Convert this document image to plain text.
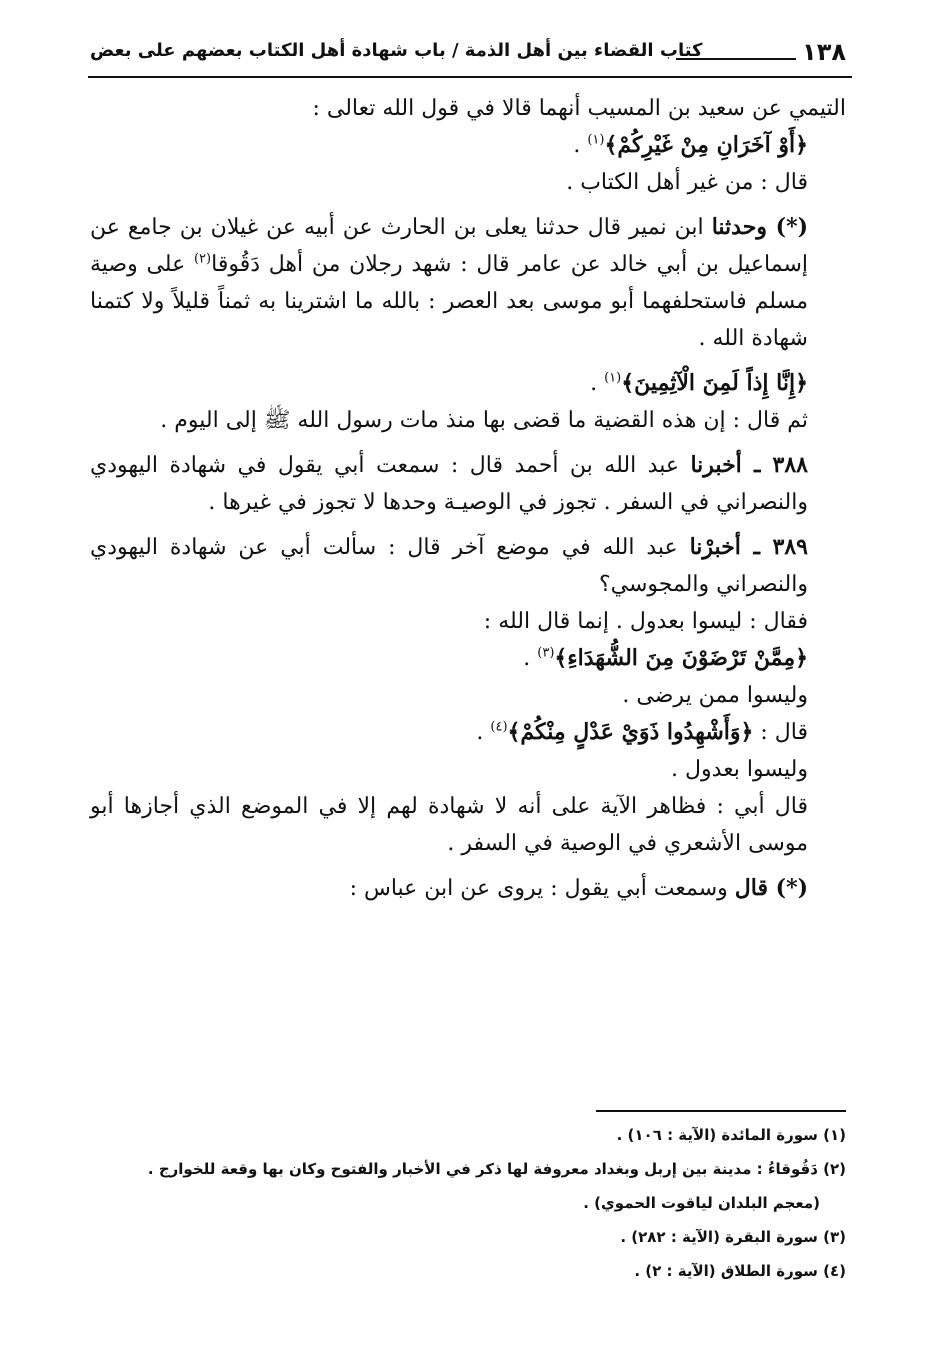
١٣٨
كتاب القضاء بين أهل الذمة / باب شهادة أهل الكتاب بعضهم على بعض

التيمي عن سعيد بن المسيب أنهما قالا في قول الله تعالى :

﴿أَوْ آخَرَانِ مِنْ غَيْرِكُمْ﴾$^{(١)}$ .

قال : من غير أهل الكتاب .

(*) وحدثنا ابن نمير قال حدثنا يعلى بن الحارث عن أبيه عن غيلان بن جامع عن إسماعيل بن أبي خالد عن عامر قال : شهد رجلان من أهل دَقُوقا$^{(٢)}$ على وصية مسلم فاستحلفهما أبو موسى بعد العصر : بالله ما اشترينا به ثمناً قليلاً ولا كتمنا شهادة الله .

﴿إِنَّا إِذاً لَمِنَ الْآثِمِينَ﴾$^{(١)}$ .

ثم قال : إن هذه القضية ما قضى بها منذ مات رسول الله ﷺ إلى اليوم .

٣٨٨ ـ أخبرنا عبد الله بن أحمد قال : سمعت أبي يقول في شهادة اليهودي والنصراني في السفر . تجوز في الوصيـة وحدها لا تجوز في غيرها .

٣٨٩ ـ أخبرْنا عبد الله في موضع آخر قال : سألت أبي عن شهادة اليهودي والنصراني والمجوسي؟

فقال : ليسوا بعدول . إنما قال الله :

﴿مِمَّنْ تَرْضَوْنَ مِنَ الشُّهَدَاءِ﴾$^{(٣)}$ .

وليسوا ممن يرضى .

قال : ﴿وَأَشْهِدُوا ذَوَيْ عَدْلٍ مِنْكُمْ﴾$^{(٤)}$ .

وليسوا بعدول .

قال أبي : فظاهر الآية على أنه لا شهادة لهم إلا في الموضع الذي أجازها أبو موسى الأشعري في الوصية في السفر .

(*) قال وسمعت أبي يقول : يروى عن ابن عباس :

(١) سورة المائدة (الآية : ١٠٦) .

(٢) دَقُوقاءُ : مدينة بين إربل وبغداد معروفة لها ذكر في الأخبار والفتوح وكان بها وقعة للخوارج .

(معجم البلدان لياقوت الحموي) .

(٣) سورة البقرة (الآية : ٢٨٢) .

(٤) سورة الطلاق (الآية : ٢) .
